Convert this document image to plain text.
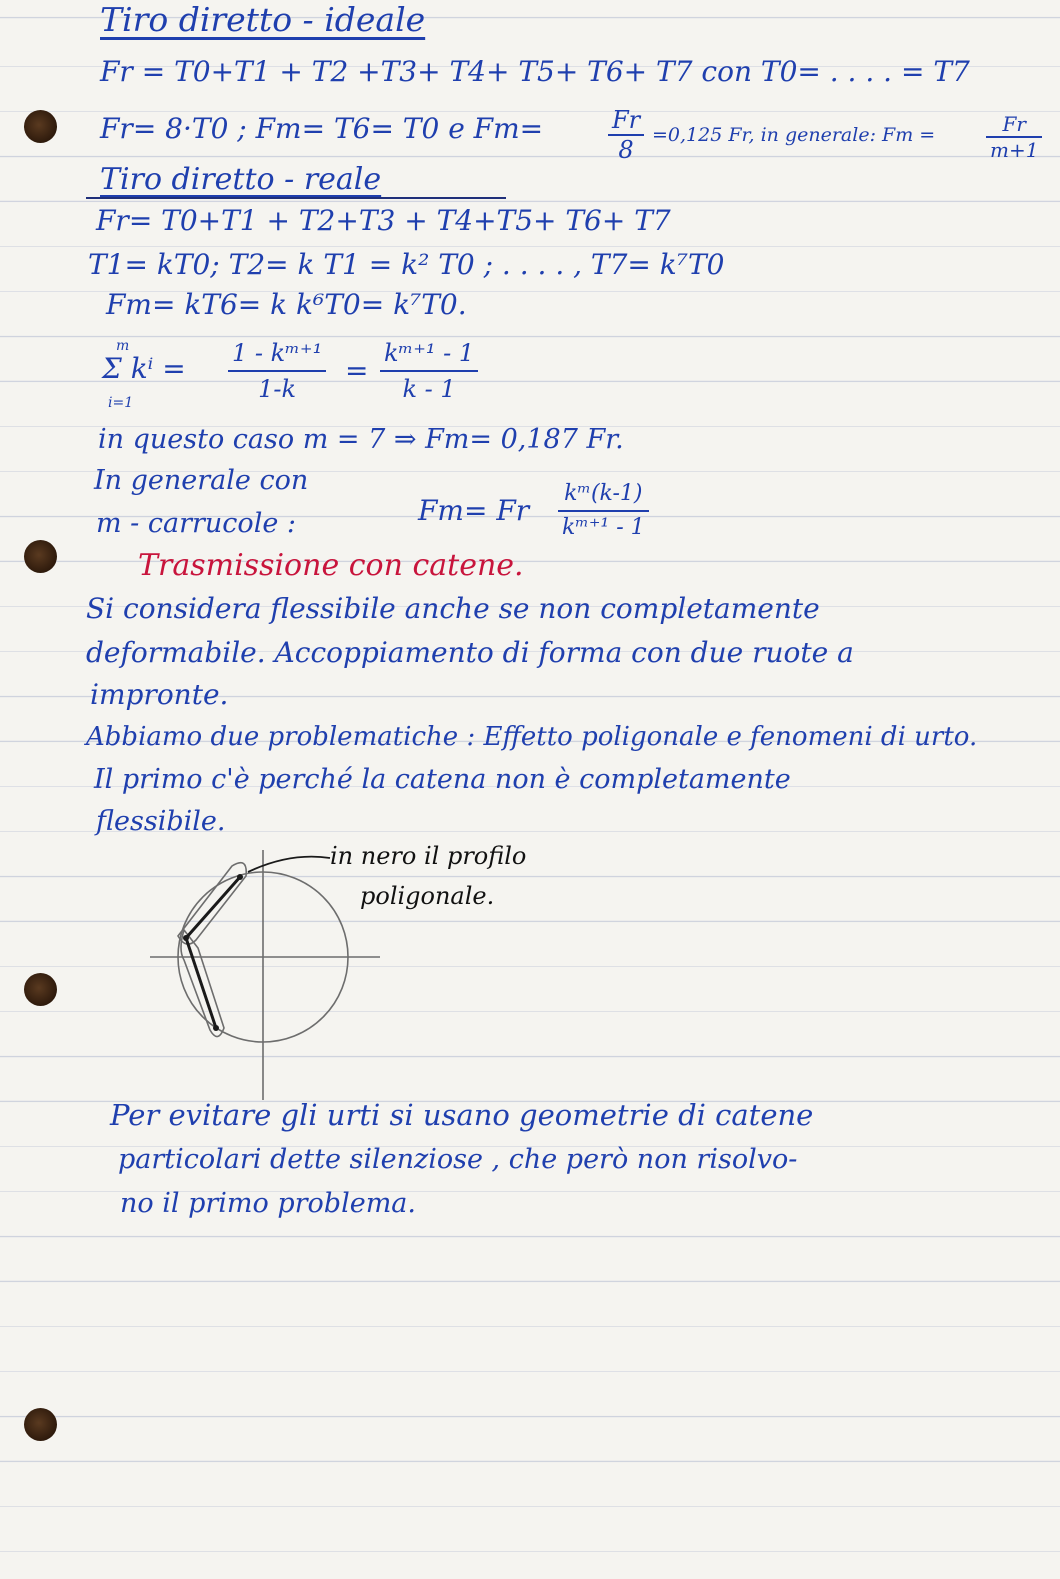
Tiro diretto - ideale
Fr = T0+T1 + T2 +T3+ T4+ T5+ T6+ T7 con T0= . . . . = T7
Fr= 8·T0 ; Fm= T6= T0 e Fm=	$\frac{Fr}{8} =0,125$ Fr, in generale: Fm =	$\frac{Fr}{m+1}$
Tiro diretto - reale
Fr= T0+T1 + T2+T3 + T4+T5+ T6+ T7
T1= kT0; T2= k T1 = k² T0 ; . . . . , T7= k⁷T0
Fm= kT6= k k⁶T0= k⁷T0.
m
Σ kⁱ =
i=1	$\frac{\text{1 - kᵐ⁺¹}}{1-k} = \frac{\text{kᵐ⁺¹ - 1}}{k - 1}$
in questo caso m = 7 ⇒ Fm= 0,187 Fr.
In generale con
m - carrucole :	Fm= Fr $\frac{\text{kᵐ(k-1)}}{\text{kᵐ⁺¹ - 1}}$
Trasmissione con catene.
Si considera flessibile anche se non completamente
deformabile. Accoppiamento di forma con due ruote a
impronte.
Abbiamo due problematiche : Effetto poligonale e fenomeni di urto.
Il primo c'è perché la catena non è completamente
flessibile.
in nero il profilo
poligonale.
Per evitare gli urti si usano geometrie di catene
particolari dette silenziose , che però non risolvo-
no il primo problema.
